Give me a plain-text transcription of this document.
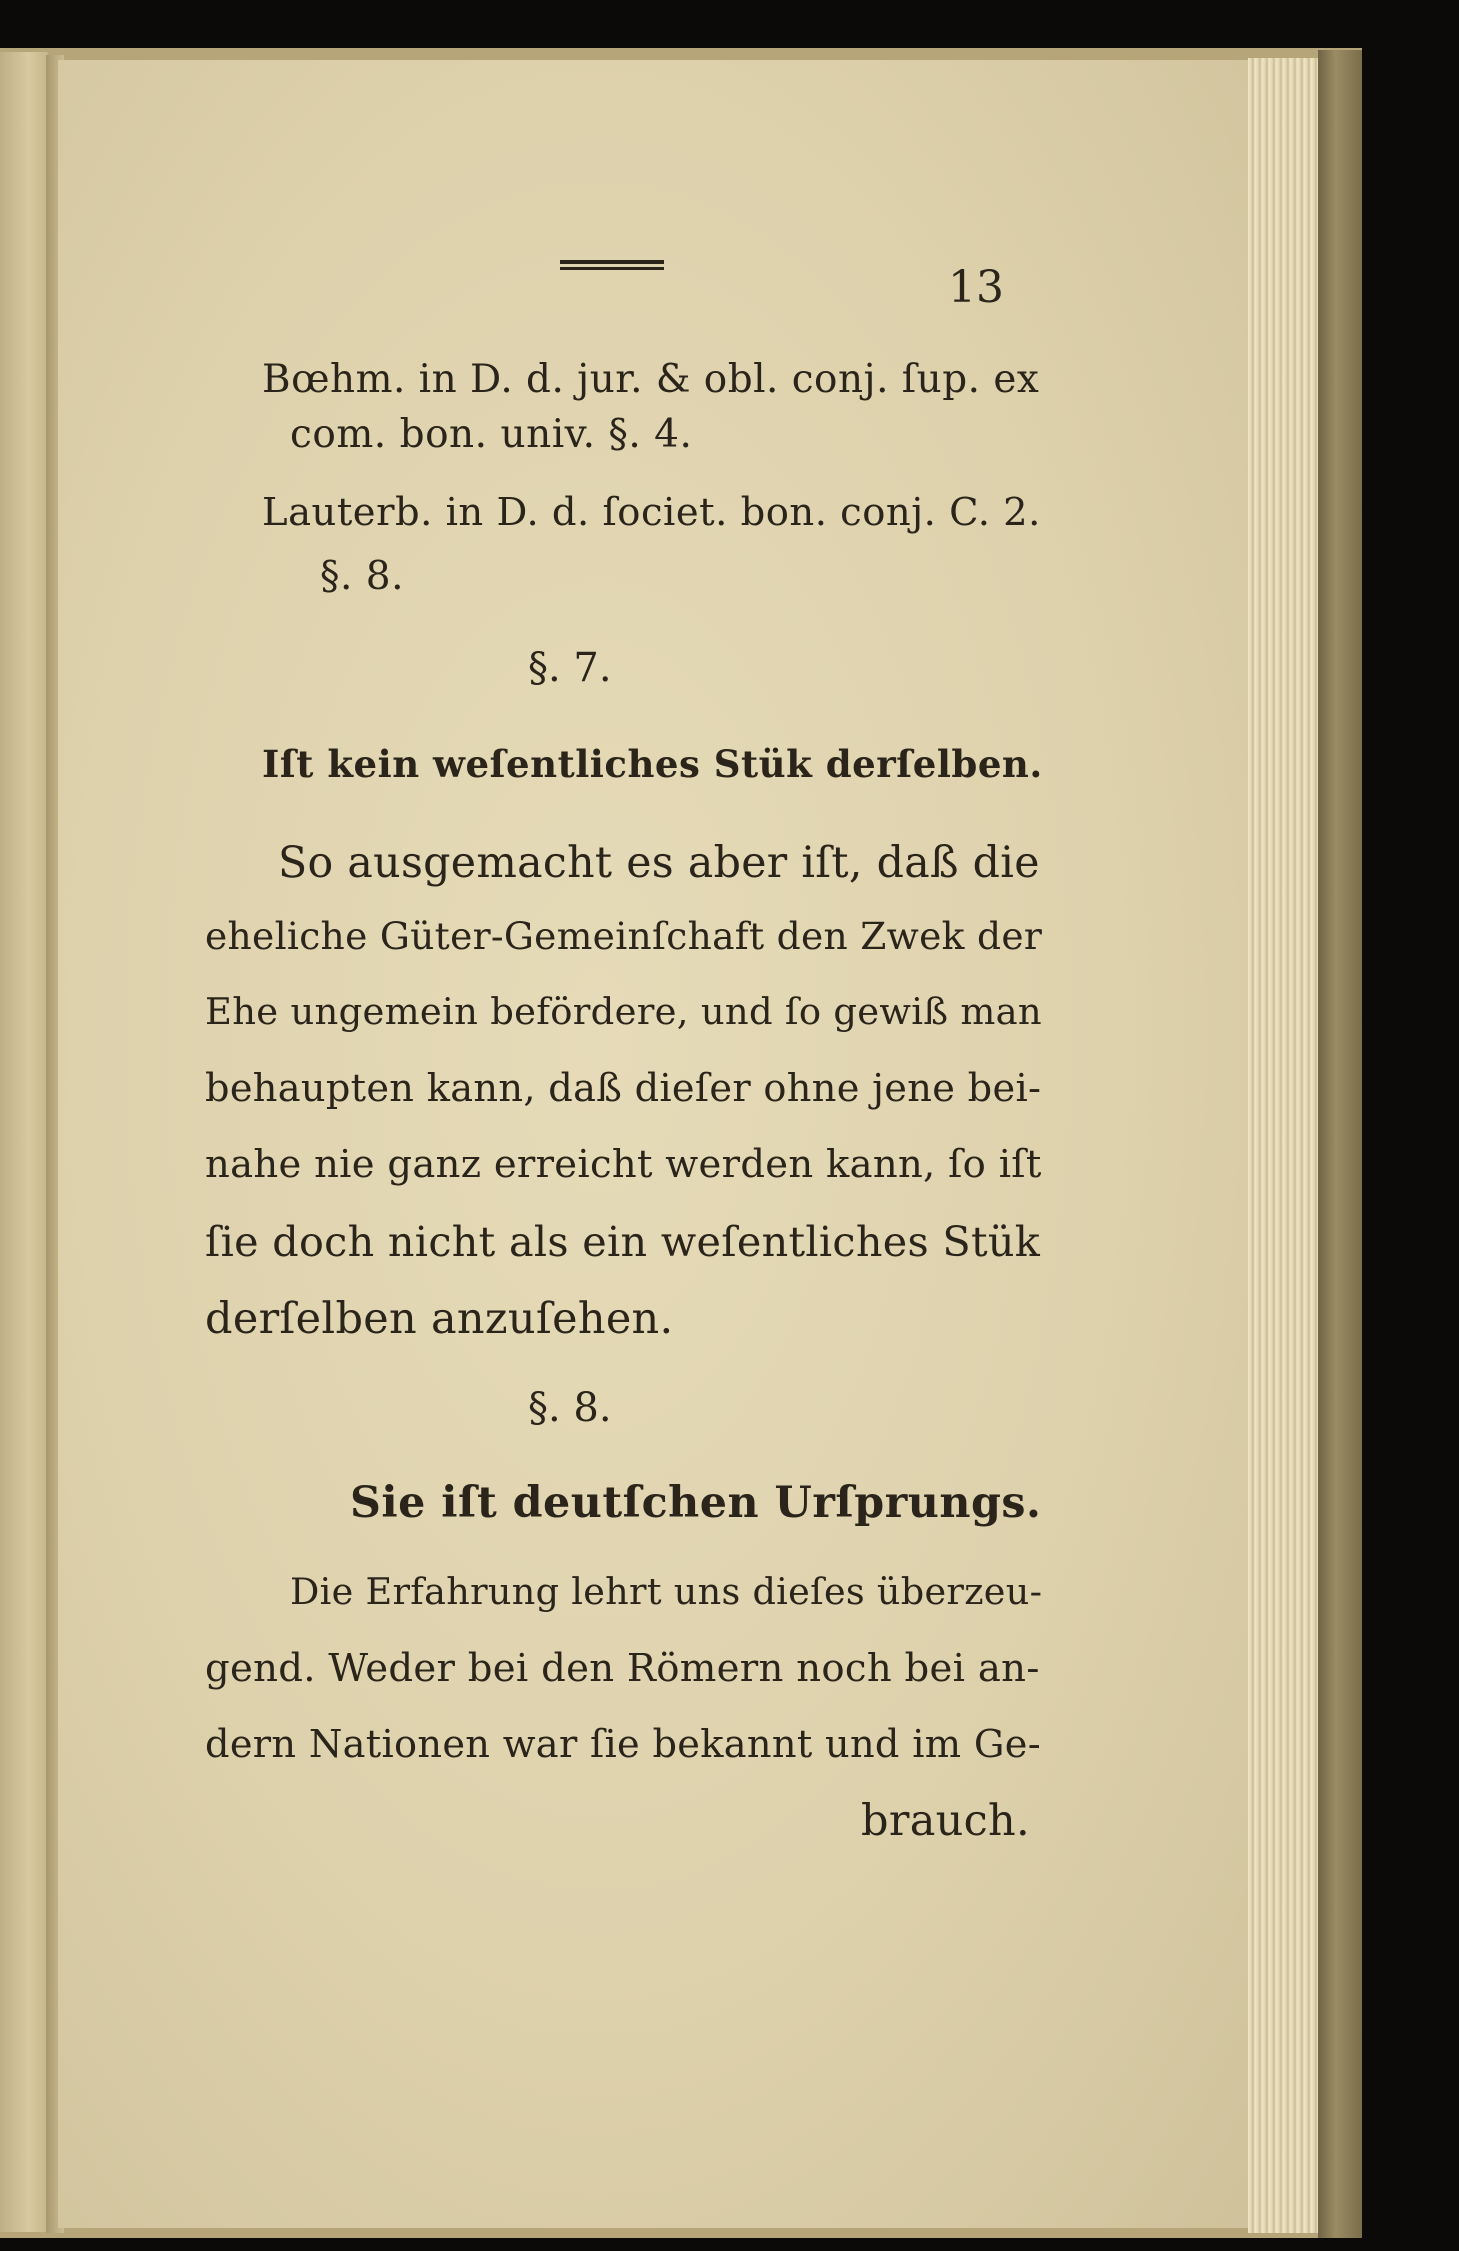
13
Bœhm. in D. d. jur. & obl. conj. ſup. ex
com. bon. univ. §. 4.
Lauterb. in D. d. ſociet. bon. conj. C. 2.
§. 8.
§. 7.
Iſt kein weſentliches Stük derſelben.
So ausgemacht es aber iſt, daß die
eheliche Güter-Gemeinſchaft den Zwek der
Ehe ungemein befördere, und ſo gewiß man
behaupten kann, daß dieſer ohne jene bei-
nahe nie ganz erreicht werden kann, ſo iſt
ſie doch nicht als ein weſentliches Stük
derſelben anzuſehen.
§. 8.
Sie iſt deutſchen Urſprungs.
Die Erfahrung lehrt uns dieſes überzeu-
gend. Weder bei den Römern noch bei an-
dern Nationen war ſie bekannt und im Ge-
brauch.
